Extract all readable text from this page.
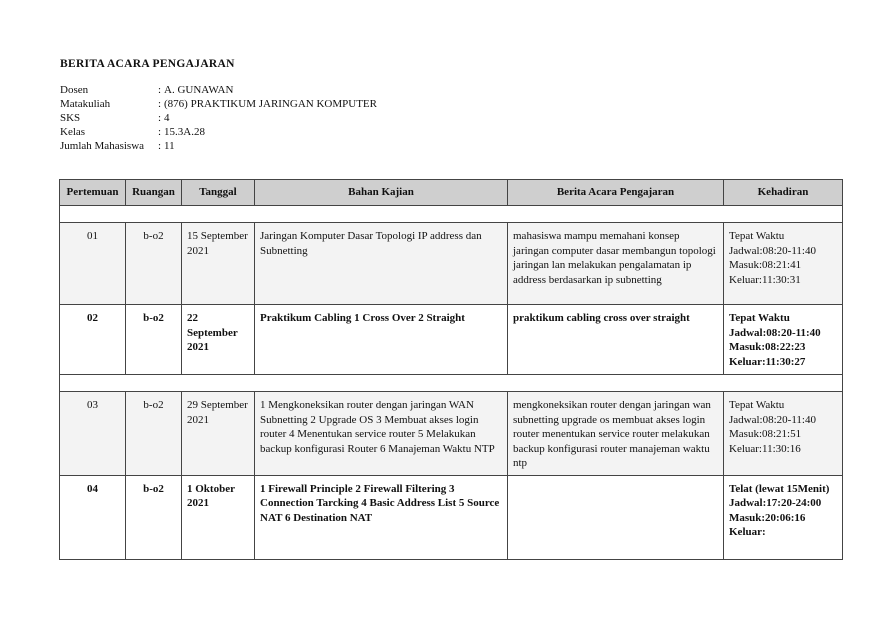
BERITA ACARA PENGAJARAN
Dosen	: A. GUNAWAN
Matakuliah	: (876) PRAKTIKUM JARINGAN KOMPUTER
SKS	: 4
Kelas	: 15.3A.28
Jumlah Mahasiswa	: 11
Pertemuan	Ruangan	Tanggal	Bahan Kajian	Berita Acara Pengajaran	Kehadiran

01	b-o2	15 September 2021	Jaringan Komputer Dasar Topologi IP address dan Subnetting	mahasiswa mampu memahani konsep jaringan computer dasar membangun topologi jaringan lan melakukan pengalamatan ip address berdasarkan ip subnetting	Tepat Waktu
Jadwal:08:20-11:40
Masuk:08:21:41
Keluar:11:30:31

02	b-o2	22 September 2021	Praktikum Cabling 1 Cross Over 2 Straight	praktikum cabling cross over straight	Tepat Waktu
Jadwal:08:20-11:40
Masuk:08:22:23
Keluar:11:30:27

03	b-o2	29 September 2021	1 Mengkoneksikan router dengan jaringan WAN Subnetting 2 Upgrade OS 3 Membuat akses login router 4 Menentukan service router 5 Melakukan backup konfigurasi Router 6 Manajeman Waktu NTP	mengkoneksikan router dengan jaringan wan subnetting upgrade os membuat akses login router menentukan service router melakukan backup konfigurasi router manajeman waktu ntp	Tepat Waktu
Jadwal:08:20-11:40
Masuk:08:21:51
Keluar:11:30:16

04	b-o2	1 Oktober 2021	1 Firewall Principle 2 Firewall Filtering 3 Connection Tarcking 4 Basic Address List 5 Source NAT 6 Destination NAT		Telat (lewat 15Menit)
Jadwal:17:20-24:00
Masuk:20:06:16
Keluar:
